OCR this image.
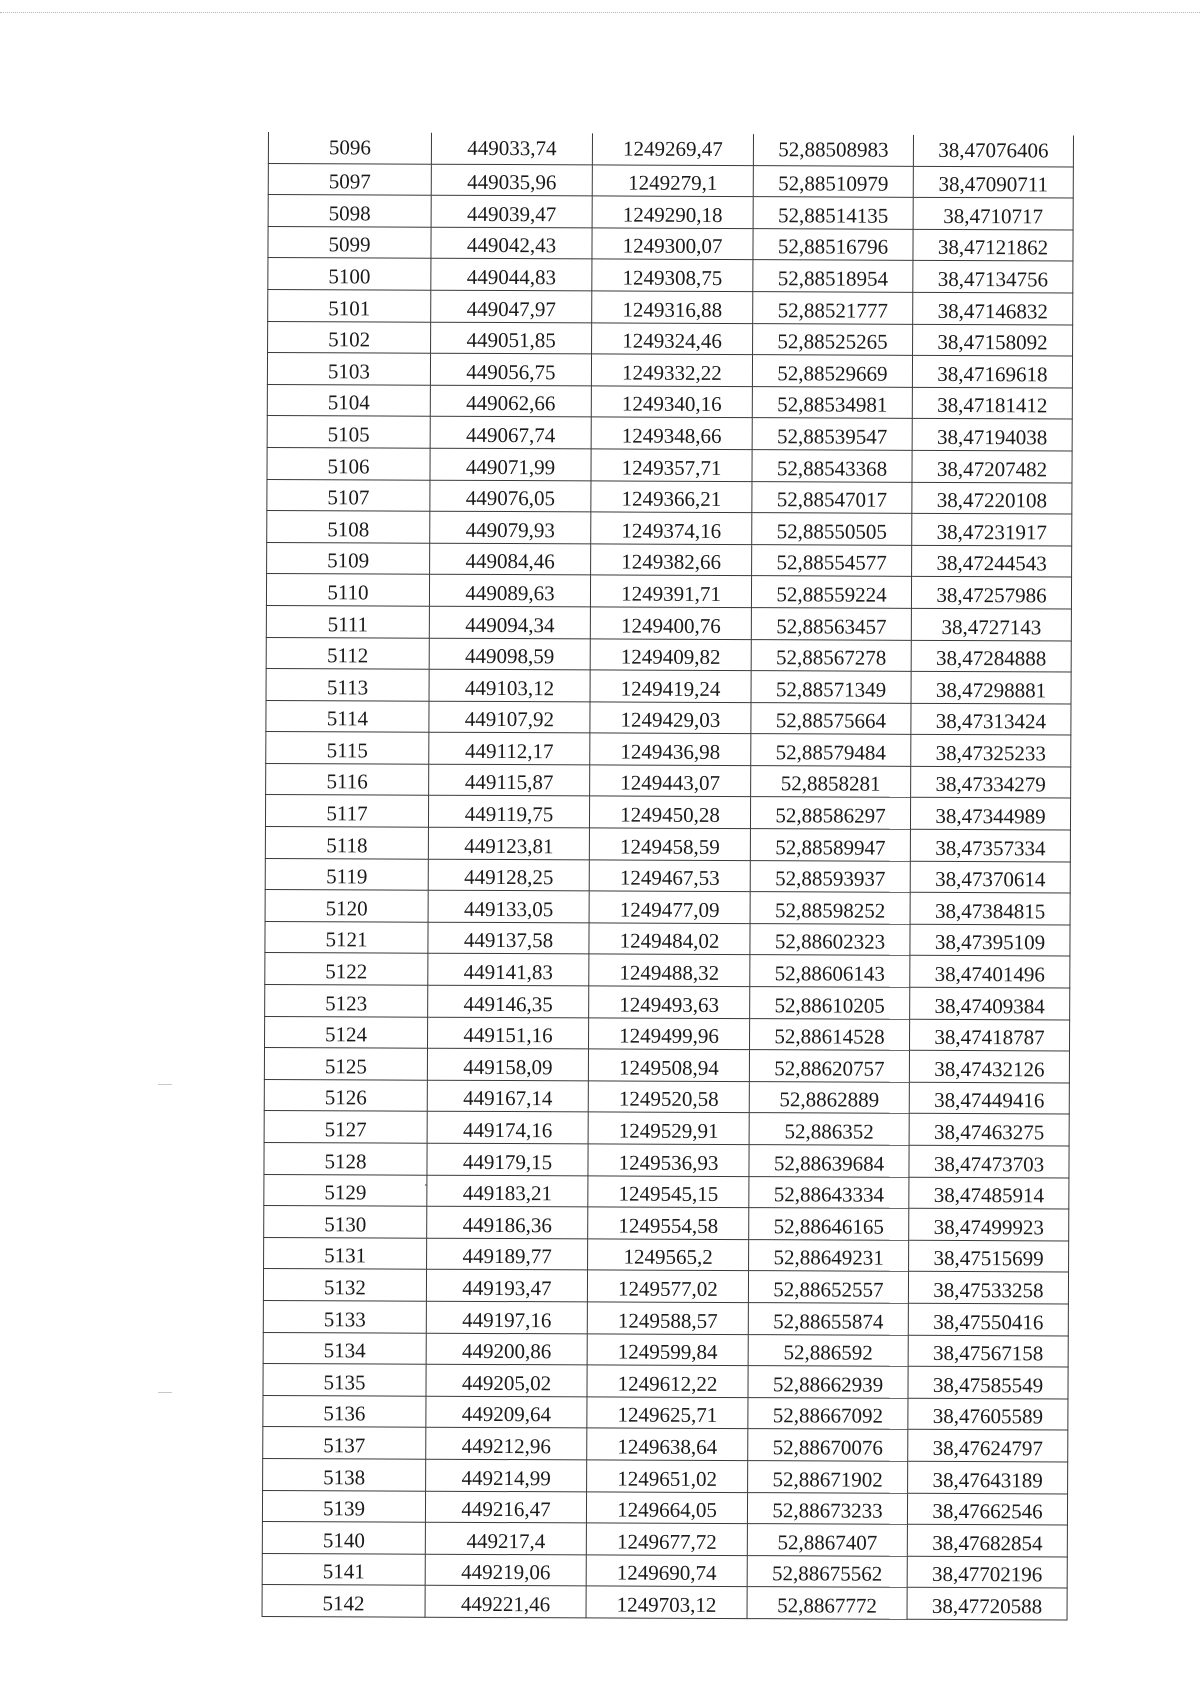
5096	449033,74	1249269,47	52,88508983	38,47076406
5097	449035,96	1249279,1	52,88510979	38,47090711
5098	449039,47	1249290,18	52,88514135	38,4710717
5099	449042,43	1249300,07	52,88516796	38,47121862
5100	449044,83	1249308,75	52,88518954	38,47134756
5101	449047,97	1249316,88	52,88521777	38,47146832
5102	449051,85	1249324,46	52,88525265	38,47158092
5103	449056,75	1249332,22	52,88529669	38,47169618
5104	449062,66	1249340,16	52,88534981	38,47181412
5105	449067,74	1249348,66	52,88539547	38,47194038
5106	449071,99	1249357,71	52,88543368	38,47207482
5107	449076,05	1249366,21	52,88547017	38,47220108
5108	449079,93	1249374,16	52,88550505	38,47231917
5109	449084,46	1249382,66	52,88554577	38,47244543
5110	449089,63	1249391,71	52,88559224	38,47257986
5111	449094,34	1249400,76	52,88563457	38,4727143
5112	449098,59	1249409,82	52,88567278	38,47284888
5113	449103,12	1249419,24	52,88571349	38,47298881
5114	449107,92	1249429,03	52,88575664	38,47313424
5115	449112,17	1249436,98	52,88579484	38,47325233
5116	449115,87	1249443,07	52,8858281	38,47334279
5117	449119,75	1249450,28	52,88586297	38,47344989
5118	449123,81	1249458,59	52,88589947	38,47357334
5119	449128,25	1249467,53	52,88593937	38,47370614
5120	449133,05	1249477,09	52,88598252	38,47384815
5121	449137,58	1249484,02	52,88602323	38,47395109
5122	449141,83	1249488,32	52,88606143	38,47401496
5123	449146,35	1249493,63	52,88610205	38,47409384
5124	449151,16	1249499,96	52,88614528	38,47418787
5125	449158,09	1249508,94	52,88620757	38,47432126
5126	449167,14	1249520,58	52,8862889	38,47449416
5127	449174,16	1249529,91	52,886352	38,47463275
5128	449179,15	1249536,93	52,88639684	38,47473703
5129	449183,21	1249545,15	52,88643334	38,47485914
5130	449186,36	1249554,58	52,88646165	38,47499923
5131	449189,77	1249565,2	52,88649231	38,47515699
5132	449193,47	1249577,02	52,88652557	38,47533258
5133	449197,16	1249588,57	52,88655874	38,47550416
5134	449200,86	1249599,84	52,886592	38,47567158
5135	449205,02	1249612,22	52,88662939	38,47585549
5136	449209,64	1249625,71	52,88667092	38,47605589
5137	449212,96	1249638,64	52,88670076	38,47624797
5138	449214,99	1249651,02	52,88671902	38,47643189
5139	449216,47	1249664,05	52,88673233	38,47662546
5140	449217,4	1249677,72	52,8867407	38,47682854
5141	449219,06	1249690,74	52,88675562	38,47702196
5142	449221,46	1249703,12	52,8867772	38,47720588
